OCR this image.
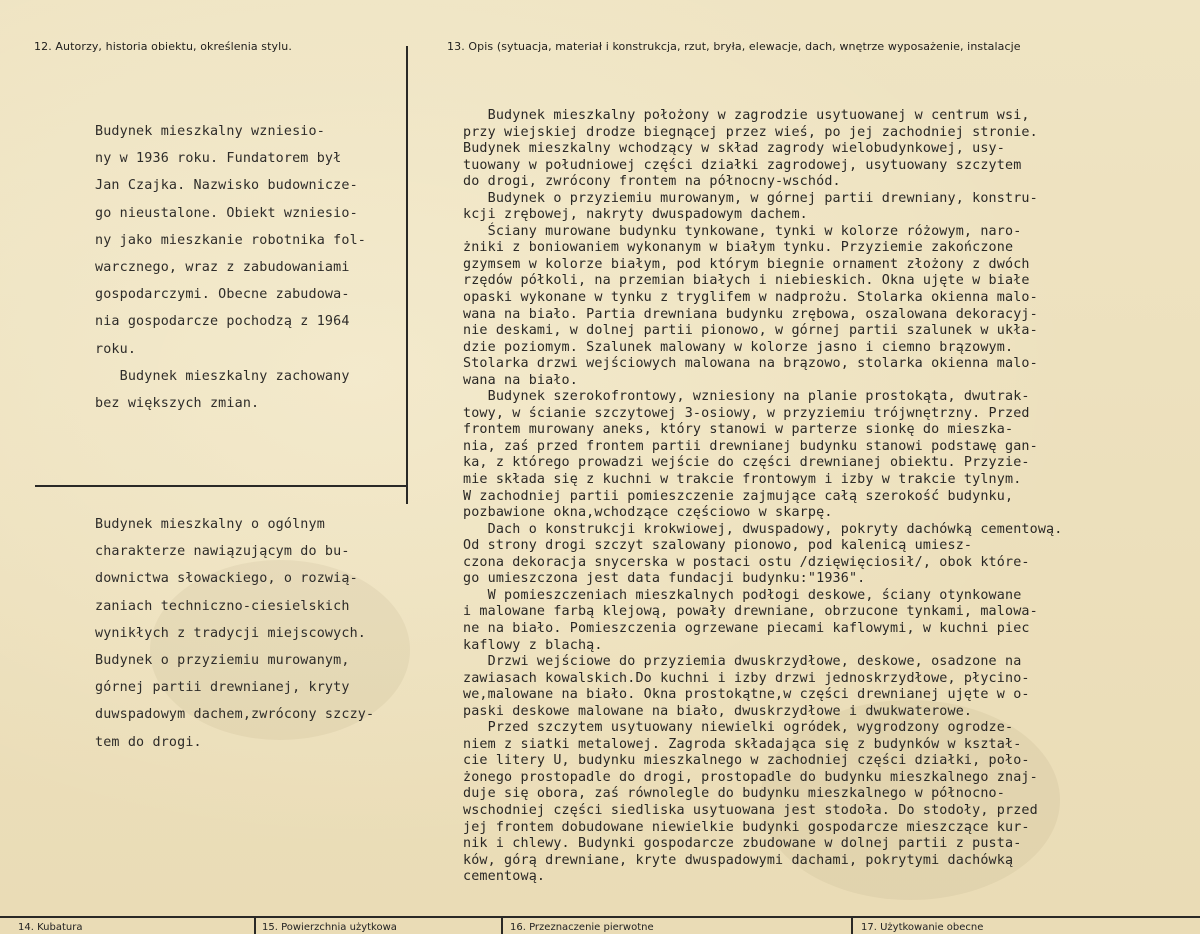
12. Autorzy, historia obiektu, określenia stylu.	13. Opis (sytuacja, materiał i konstrukcja, rzut, bryła, elewacje, dach, wnętrze wyposażenie, instalacje
Budynek mieszkalny wzniesio-
ny w 1936 roku. Fundatorem był
Jan Czajka. Nazwisko budownicze-
go nieustalone. Obiekt wzniesio-
ny jako mieszkanie robotnika fol-
warcznego, wraz z zabudowaniami
gospodarczymi. Obecne zabudowa-
nia gospodarcze pochodzą z 1964
roku.
Budynek mieszkalny zachowany
bez większych zmian.
Budynek mieszkalny o ogólnym
charakterze nawiązującym do bu-
downictwa słowackiego, o rozwią-
zaniach techniczno-ciesielskich
wynikłych z tradycji miejscowych.
Budynek o przyziemiu murowanym,
górnej partii drewnianej, kryty
duwspadowym dachem,zwrócony szczy-
tem do drogi.
Budynek mieszkalny położony w zagrodzie usytuowanej w centrum wsi,
przy wiejskiej drodze biegnącej przez wieś, po jej zachodniej stronie.
Budynek mieszkalny wchodzący w skład zagrody wielobudynkowej, usy-
tuowany w południowej części działki zagrodowej, usytuowany szczytem
do drogi, zwrócony frontem na północny-wschód.
Budynek o przyziemiu murowanym, w górnej partii drewniany, konstru-
kcji zrębowej, nakryty dwuspadowym dachem.
Ściany murowane budynku tynkowane, tynki w kolorze różowym, naro-
żniki z boniowaniem wykonanym w białym tynku. Przyziemie zakończone
gzymsem w kolorze białym, pod którym biegnie ornament złożony z dwóch
rzędów półkoli, na przemian białych i niebieskich. Okna ujęte w białe
opaski wykonane w tynku z tryglifem w nadprożu. Stolarka okienna malo-
wana na biało. Partia drewniana budynku zrębowa, oszalowana dekoracyj-
nie deskami, w dolnej partii pionowo, w górnej partii szalunek w ukła-
dzie poziomym. Szalunek malowany w kolorze jasno i ciemno brązowym.
Stolarka drzwi wejściowych malowana na brązowo, stolarka okienna malo-
wana na biało.
Budynek szerokofrontowy, wzniesiony na planie prostokąta, dwutrak-
towy, w ścianie szczytowej 3-osiowy, w przyziemiu trójwnętrzny. Przed
frontem murowany aneks, który stanowi w parterze sionkę do mieszka-
nia, zaś przed frontem partii drewnianej budynku stanowi podstawę gan-
ka, z którego prowadzi wejście do części drewnianej obiektu. Przyzie-
mie składa się z kuchni w trakcie frontowym i izby w trakcie tylnym.
W zachodniej partii pomieszczenie zajmujące całą szerokość budynku,
pozbawione okna,wchodzące częściowo w skarpę.
Dach o konstrukcji krokwiowej, dwuspadowy, pokryty dachówką cementową.
Od strony drogi szczyt szalowany pionowo, pod kalenicą umiesz-
czona dekoracja snycerska w postaci ostu /dzięwięciosił/, obok które-
go umieszczona jest data fundacji budynku:"1936".
W pomieszczeniach mieszkalnych podłogi deskowe, ściany otynkowane
i malowane farbą klejową, powały drewniane, obrzucone tynkami, malowa-
ne na biało. Pomieszczenia ogrzewane piecami kaflowymi, w kuchni piec
kaflowy z blachą.
Drzwi wejściowe do przyziemia dwuskrzydłowe, deskowe, osadzone na
zawiasach kowalskich.Do kuchni i izby drzwi jednoskrzydłowe, płycino-
we,malowane na biało. Okna prostokątne,w części drewnianej ujęte w o-
paski deskowe malowane na biało, dwuskrzydłowe i dwukwaterowe.
Przed szczytem usytuowany niewielki ogródek, wygrodzony ogrodze-
niem z siatki metalowej. Zagroda składająca się z budynków w kształ-
cie litery U, budynku mieszkalnego w zachodniej części działki, poło-
żonego prostopadle do drogi, prostopadle do budynku mieszkalnego znaj-
duje się obora, zaś równolegle do budynku mieszkalnego w północno-
wschodniej części siedliska usytuowana jest stodoła. Do stodoły, przed
jej frontem dobudowane niewielkie budynki gospodarcze mieszczące kur-
nik i chlewy. Budynki gospodarcze zbudowane w dolnej partii z pusta-
ków, górą drewniane, kryte dwuspadowymi dachami, pokrytymi dachówką
cementową.
14. Kubatura	15. Powierzchnia użytkowa	16. Przeznaczenie pierwotne	17. Użytkowanie obecne
